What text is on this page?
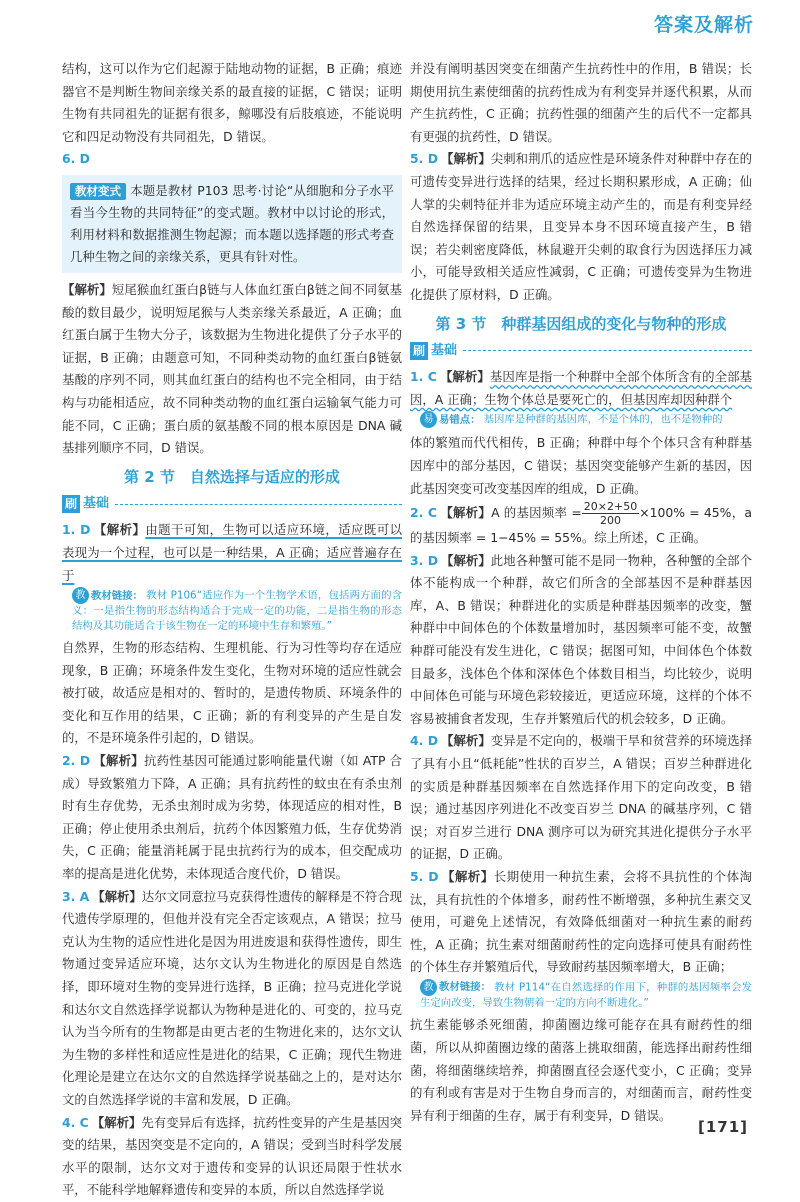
答案及解析

结构，这可以作为它们起源于陆地动物的证据，B 正确；痕迹器官不是判断生物间亲缘关系的最直接的证据，C 错误；证明生物有共同祖先的证据有很多，鲸哪没有后肢痕迹，不能说明它和四足动物没有共同祖先，D 错误。

6. D

教材变式 本题是教材 P103 思考·讨论“从细胞和分子水平看当今生物的共同特征”的变式题。教材中以讨论的形式，利用材料和数据推测生物起源；而本题以选择题的形式考查几种生物之间的亲缘关系，更具有针对性。

【解析】短尾猴血红蛋白β链与人体血红蛋白β链之间不同氨基酸的数目最少，说明短尾猴与人类亲缘关系最近，A 正确；血红蛋白属于生物大分子，该数据为生物进化提供了分子水平的证据，B 正确；由题意可知，不同种类动物的血红蛋白β链氨基酸的序列不同，则其血红蛋白的结构也不完全相同，由于结构与功能相适应，故不同种类动物的血红蛋白运输氧气能力可能不同，C 正确；蛋白质的氨基酸不同的根本原因是 DNA 碱基排列顺序不同，D 错误。

第 2 节　自然选择与适应的形成
刷 基础

1. D 【解析】由题干可知，生物可以适应环境，适应既可以表现为一个过程，也可以是一种结果，A 正确；适应普遍存在于

教 教材链接： 教材 P106“适应作为一个生物学术语，包括两方面的含义：一是指生物的形态结构适合于完成一定的功能，二是指生物的形态结构及其功能适合于该生物在一定的环境中生存和繁殖。”

自然界，生物的形态结构、生理机能、行为习性等均存在适应现象，B 正确；环境条件发生变化，生物对环境的适应性就会被打破，故适应是相对的、暂时的，是遗传物质、环境条件的变化和互作用的结果，C 正确；新的有利变异的产生是自发的，不是环境条件引起的，D 错误。

2. D 【解析】抗药性基因可能通过影响能量代谢（如 ATP 合成）导致繁殖力下降，A 正确；具有抗药性的蚊虫在有杀虫剂时有生存优势，无杀虫剂时成为劣势，体现适应的相对性，B 正确；停止使用杀虫剂后，抗药个体因繁殖力低，生存优势消失，C 正确；能量消耗属于昆虫抗药行为的成本，但交配成功率的提高是进化优势，未体现适合度代价，D 错误。

3. A 【解析】达尔文同意拉马克获得性遗传的解释是不符合现代遗传学原理的，但他并没有完全否定该观点，A 错误；拉马克认为生物的适应性进化是因为用进废退和获得性遗传，即生物通过变异适应环境，达尔文认为生物进化的原因是自然选择，即环境对生物的变异进行选择，B 正确；拉马克进化学说和达尔文自然选择学说都认为物种是进化的、可变的，拉马克认为当今所有的生物都是由更古老的生物进化来的，达尔文认为生物的多样性和适应性是进化的结果，C 正确；现代生物进化理论是建立在达尔文的自然选择学说基础之上的，是对达尔文的自然选择学说的丰富和发展，D 正确。

4. C 【解析】先有变异后有选择，抗药性变异的产生是基因突变的结果，基因突变是不定向的，A 错误；受到当时科学发展水平的限制，达尔文对于遗传和变异的认识还局限于性状水平，不能科学地解释遗传和变异的本质，所以自然选择学说

并没有阐明基因突变在细菌产生抗药性中的作用，B 错误；长期使用抗生素使细菌的抗药性成为有利变异并逐代积累，从而产生抗药性，C 正确；抗药性强的细菌产生的后代不一定都具有更强的抗药性，D 错误。

5. D 【解析】尖刺和荆爪的适应性是环境条件对种群中存在的可遗传变异进行选择的结果，经过长期积累形成，A 正确；仙人掌的尖刺特征并非为适应环境主动产生的，而是有利变异经自然选择保留的结果，且变异本身不因环境直接产生，B 错误；若尖刺密度降低，林鼠避开尖刺的取食行为因选择压力减小，可能导致相关适应性减弱，C 正确；可遗传变异为生物进化提供了原材料，D 正确。

第 3 节　种群基因组成的变化与物种的形成
刷 基础

1. C 【解析】基因库是指一个种群中全部个体所含有的全部基因，A 正确；生物个体总是要死亡的，但基因库却因种群个

易 易错点： 基因库是种群的基因库，不是个体的，也不是物种的

体的繁殖而代代相传，B 正确；种群中每个个体只含有种群基因库中的部分基因，C 错误；基因突变能够产生新的基因，因此基因突变可改变基因库的组成，D 正确。

2. C 【解析】A 的基因频率 = $\frac{20\times 2+50}{200} \times 100\% = 45\%$，a 的基因频率 = 1−45% = 55%。综上所述，C 正确。

3. D 【解析】此地各种蟹可能不是同一物种，各种蟹的全部个体不能构成一个种群，故它们所含的全部基因不是种群基因库，A、B 错误；种群进化的实质是种群基因频率的改变，蟹种群中中间体色的个体数量增加时，基因频率可能不变，故蟹种群可能没有发生进化，C 错误；据图可知，中间体色个体数目最多，浅体色个体和深体色个体数目相当，均比较少，说明中间体色可能与环境色彩较接近，更适应环境，这样的个体不容易被捕食者发现，生存并繁殖后代的机会较多，D 正确。

4. D 【解析】变异是不定向的，极端干旱和贫营养的环境选择了具有小且“低耗能”性状的百岁兰，A 错误；百岁兰种群进化的实质是种群基因频率在自然选择作用下的定向改变，B 错误；通过基因序列进化不改变百岁兰 DNA 的碱基序列，C 错误；对百岁兰进行 DNA 测序可以为研究其进化提供分子水平的证据，D 正确。

5. D 【解析】长期使用一种抗生素，会将不具抗性的个体淘汰，具有抗性的个体增多，耐药性不断增强，多种抗生素交叉使用，可避免上述情况，有效降低细菌对一种抗生素的耐药性，A 正确；抗生素对细菌耐药性的定向选择可使具有耐药性的个体生存并繁殖后代，导致耐药基因频率增大，B 正确；

教 教材链接： 教材 P114“在自然选择的作用下，种群的基因频率会发生定向改变，导致生物朝着一定的方向不断进化。”

抗生素能够杀死细菌，抑菌圈边缘可能存在具有耐药性的细菌，所以从抑菌圈边缘的菌落上挑取细菌，能选择出耐药性细菌，将细菌继续培养，抑菌圈直径会逐代变小，C 正确；变异的有利或有害是对于生物自身而言的，对细菌而言，耐药性变异有利于细菌的生存，属于有利变异，D 错误。

[171]
